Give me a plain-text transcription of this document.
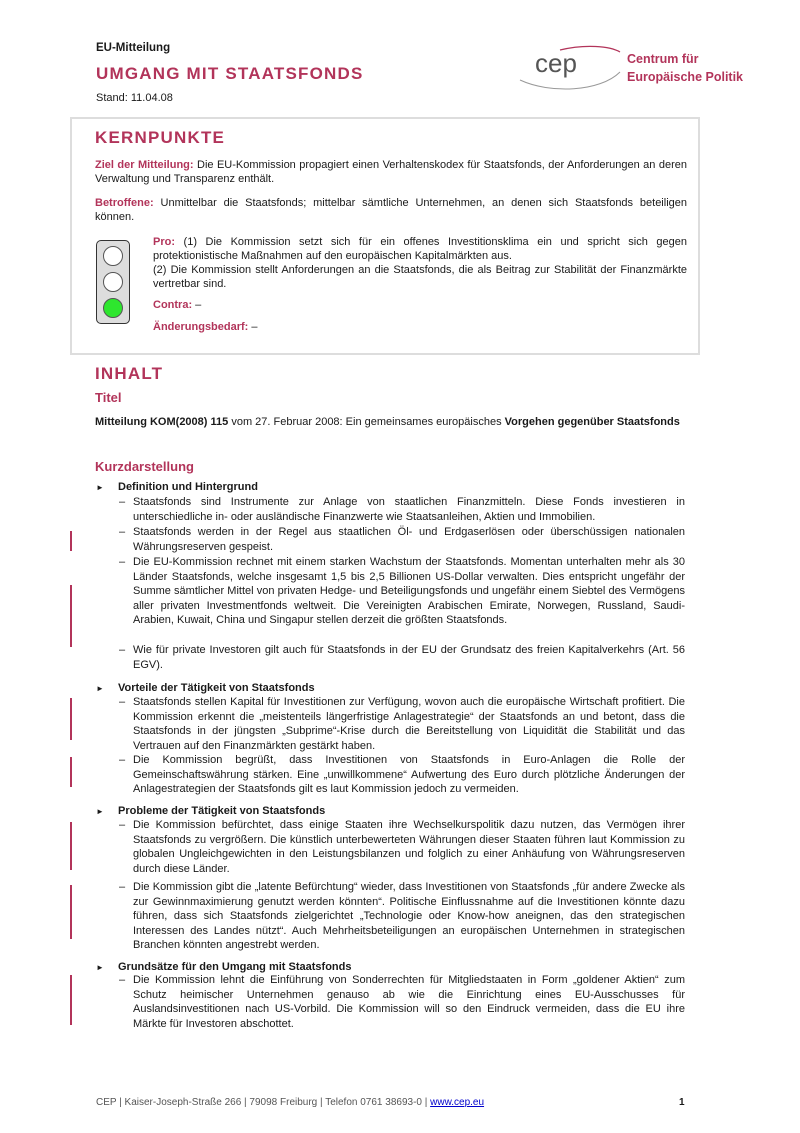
EU-Mitteilung
UMGANG MIT STAATSFONDS
Stand: 11.04.08
cep	Centrum für
Europäische Politik
KERNPUNKTE
Ziel der Mitteilung: Die EU-Kommission propagiert einen Verhaltenskodex für Staatsfonds, der Anforderungen an deren Verwaltung und Transparenz enthält.
Betroffene: Unmittelbar die Staatsfonds; mittelbar sämtliche Unternehmen, an denen sich Staatsfonds beteiligen können.
Pro: (1) Die Kommission setzt sich für ein offenes Investitionsklima ein und spricht sich gegen protektionistische Maßnahmen auf den europäischen Kapitalmärkten aus.
(2) Die Kommission stellt Anforderungen an die Staatsfonds, die als Beitrag zur Stabilität der Finanzmärkte vertretbar sind.
Contra: –
Änderungsbedarf: –
INHALT
Titel
Mitteilung KOM(2008) 115 vom 27. Februar 2008: Ein gemeinsames europäisches Vorgehen gegenüber Staatsfonds
Kurzdarstellung
► Definition und Hintergrund
– Staatsfonds sind Instrumente zur Anlage von staatlichen Finanzmitteln. Diese Fonds investieren in unterschiedliche in- oder ausländische Finanzwerte wie Staatsanleihen, Aktien und Immobilien.
– Staatsfonds werden in der Regel aus staatlichen Öl- und Erdgaserlösen oder überschüssigen nationalen Währungsreserven gespeist.
– Die EU-Kommission rechnet mit einem starken Wachstum der Staatsfonds. Momentan unterhalten mehr als 30 Länder Staatsfonds, welche insgesamt 1,5 bis 2,5 Billionen US-Dollar verwalten. Dies entspricht ungefähr der Summe sämtlicher Mittel von privaten Hedge- und Beteiligungsfonds und ungefähr einem Siebtel des Vermögens aller privaten Investmentfonds weltweit. Die Vereinigten Arabischen Emirate, Norwegen, Russland, Saudi-Arabien, Kuwait, China und Singapur stellen derzeit die größten Staatsfonds.
– Wie für private Investoren gilt auch für Staatsfonds in der EU der Grundsatz des freien Kapitalverkehrs (Art. 56 EGV).
► Vorteile der Tätigkeit von Staatsfonds
– Staatsfonds stellen Kapital für Investitionen zur Verfügung, wovon auch die europäische Wirtschaft profitiert. Die Kommission erkennt die „meistenteils längerfristige Anlagestrategie“ der Staatsfonds an und betont, dass die Staatsfonds in der jüngsten „Subprime“-Krise durch die Bereitstellung von Liquidität die Stabilität und das Vertrauen auf den Finanzmärkten gestärkt haben.
– Die Kommission begrüßt, dass Investitionen von Staatsfonds in Euro-Anlagen die Rolle der Gemeinschaftswährung stärken. Eine „unwillkommene“ Aufwertung des Euro durch plötzliche Änderungen der Anlagestrategien der Staatsfonds gilt es laut Kommission jedoch zu vermeiden.
► Probleme der Tätigkeit von Staatsfonds
– Die Kommission befürchtet, dass einige Staaten ihre Wechselkurspolitik dazu nutzen, das Vermögen ihrer Staatsfonds zu vergrößern. Die künstlich unterbewerteten Währungen dieser Staaten führen laut Kommission zu globalen Ungleichgewichten in den Leistungsbilanzen und folglich zu einer Anhäufung von Währungsreserven durch diese Länder.
– Die Kommission gibt die „latente Befürchtung“ wieder, dass Investitionen von Staatsfonds „für andere Zwecke als zur Gewinnmaximierung genutzt werden könnten“. Politische Einflussnahme auf die Investitionen könnte dazu führen, dass sich Staatsfonds zielgerichtet „Technologie oder Know-how aneignen, das den strategischen Interessen des Landes nützt“. Auch Mehrheitsbeteiligungen an europäischen Unternehmen in strategischen Branchen könnten angestrebt werden.
► Grundsätze für den Umgang mit Staatsfonds
– Die Kommission lehnt die Einführung von Sonderrechten für Mitgliedstaaten in Form „goldener Aktien“ zum Schutz heimischer Unternehmen genauso ab wie die Einrichtung eines EU-Ausschusses für Auslandsinvestitionen nach US-Vorbild. Die Kommission will so den Eindruck vermeiden, dass die EU ihre Märkte für Investoren abschottet.
CEP | Kaiser-Joseph-Straße 266 | 79098 Freiburg | Telefon 0761 38693-0 | www.cep.eu	1
